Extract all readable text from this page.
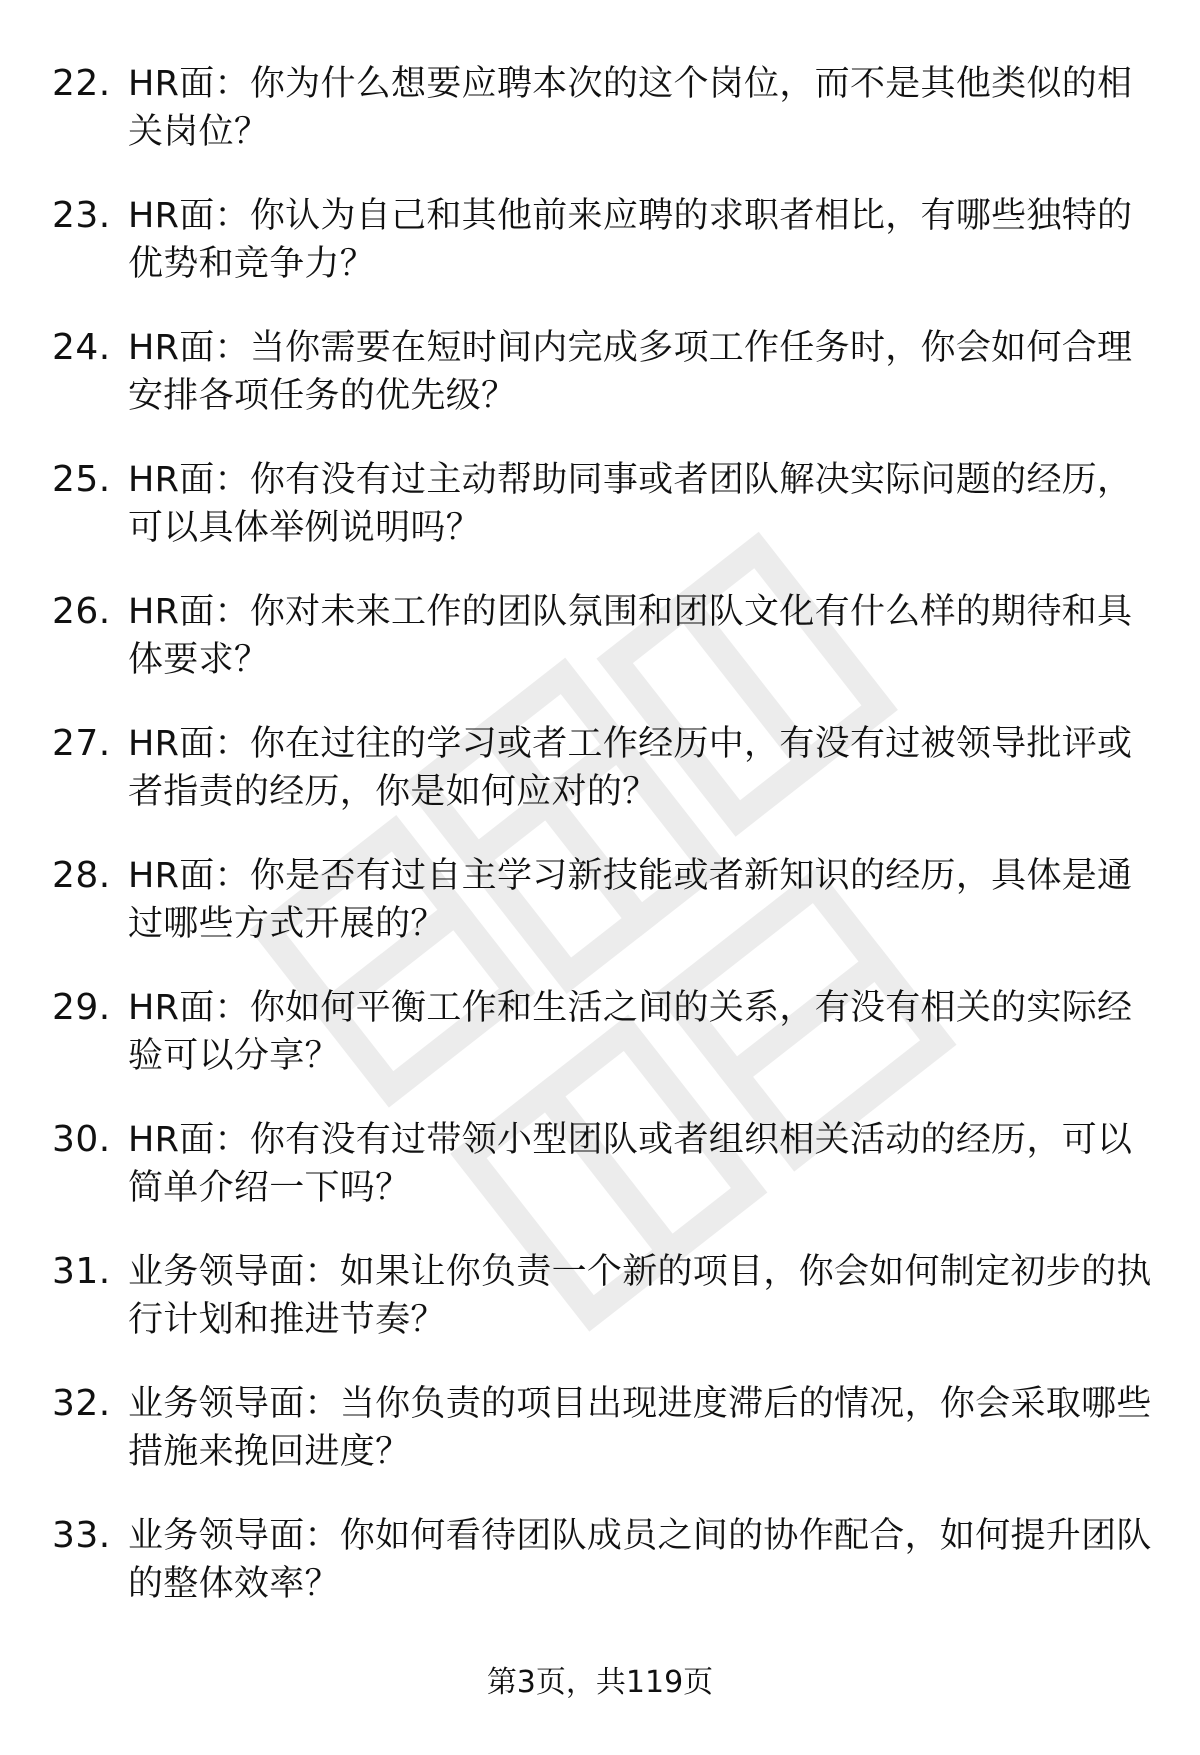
22. HR面：你为什么想要应聘本次的这个岗位，而不是其他类似的相关岗位？
23. HR面：你认为自己和其他前来应聘的求职者相比，有哪些独特的优势和竞争力？
24. HR面：当你需要在短时间内完成多项工作任务时，你会如何合理安排各项任务的优先级？
25. HR面：你有没有过主动帮助同事或者团队解决实际问题的经历，可以具体举例说明吗？
26. HR面：你对未来工作的团队氛围和团队文化有什么样的期待和具体要求？
27. HR面：你在过往的学习或者工作经历中，有没有过被领导批评或者指责的经历，你是如何应对的？
28. HR面：你是否有过自主学习新技能或者新知识的经历，具体是通过哪些方式开展的？
29. HR面：你如何平衡工作和生活之间的关系，有没有相关的实际经验可以分享？
30. HR面：你有没有过带领小型团队或者组织相关活动的经历，可以简单介绍一下吗？
31. 业务领导面：如果让你负责一个新的项目，你会如何制定初步的执行计划和推进节奏？
32. 业务领导面：当你负责的项目出现进度滞后的情况，你会采取哪些措施来挽回进度？
33. 业务领导面：你如何看待团队成员之间的协作配合，如何提升团队的整体效率？
第3页，共119页
